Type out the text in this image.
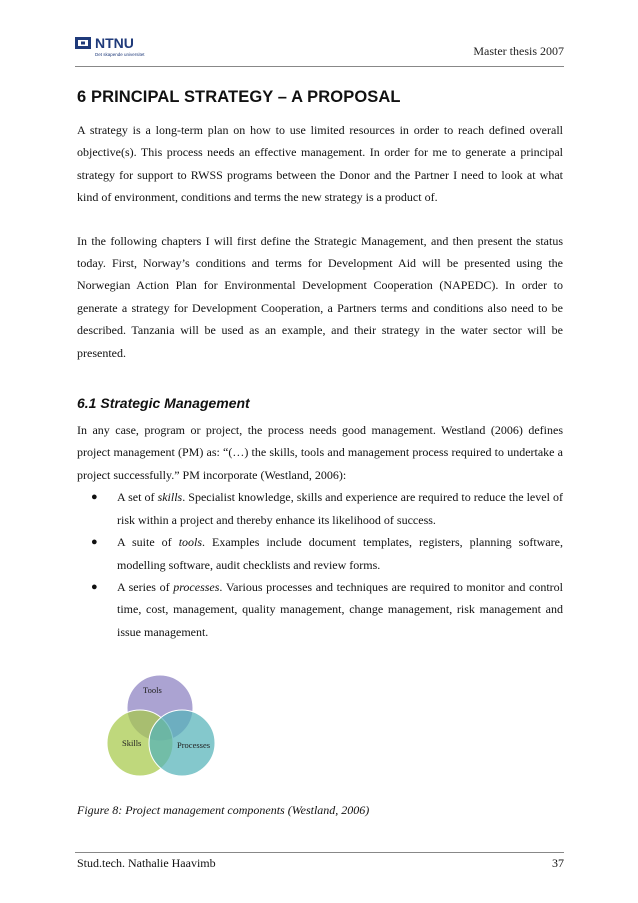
NTNU
Det skapende universitet	Master thesis 2007
6 PRINCIPAL STRATEGY – A PROPOSAL

A strategy is a long-term plan on how to use limited resources in order to reach defined overall objective(s). This process needs an effective management. In order for me to generate a principal strategy for support to RWSS programs between the Donor and the Partner I need to look at what kind of environment, conditions and terms the new strategy is a product of.

In the following chapters I will first define the Strategic Management, and then present the status today. First, Norway’s conditions and terms for Development Aid will be presented using the Norwegian Action Plan for Environmental Development Cooperation (NAPEDC). In order to generate a strategy for Development Cooperation, a Partners terms and conditions also need to be described. Tanzania will be used as an example, and their strategy in the water sector will be presented.

6.1 Strategic Management

In any case, program or project, the process needs good management. Westland (2006) defines project management (PM) as: “(…) the skills, tools and management process required to undertake a project successfully.” PM incorporate (Westland, 2006):

● A set of skills. Specialist knowledge, skills and experience are required to reduce the level of risk within a project and thereby enhance its likelihood of success.
● A suite of tools. Examples include document templates, registers, planning software, modelling software, audit checklists and review forms.
● A series of processes. Various processes and techniques are required to monitor and control time, cost, management, quality management, change management, risk management and issue management.
Tools
Skills	Processes
Figure 8: Project management components (Westland, 2006)
Stud.tech. Nathalie Haavimb	37
